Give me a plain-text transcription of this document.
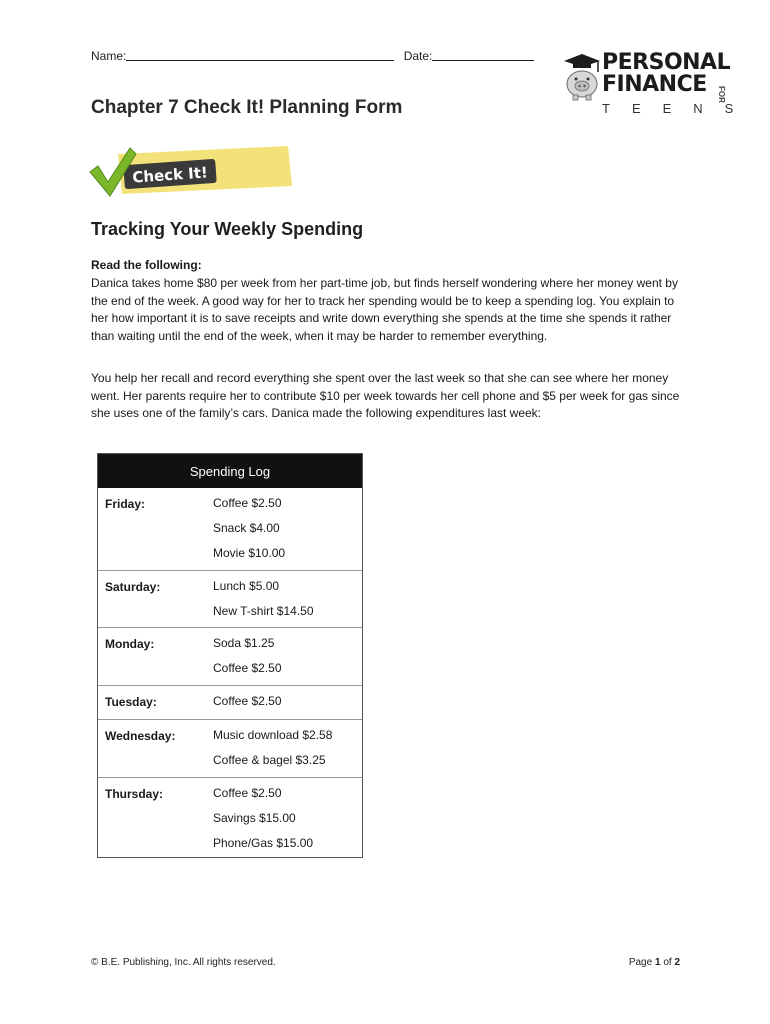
Name:	Date:	PERSONAL
FINANCE FOR
TEENS
Chapter 7 Check It! Planning Form
Check It!
Tracking Your Weekly Spending
Read the following:

Danica takes home $80 per week from her part-time job, but finds herself wondering where her money went by the end of the week. A good way for her to track her spending would be to keep a spending log. You explain to her how important it is to save receipts and write down everything she spends at the time she spends it rather than waiting until the end of the week, when it may be harder to remember everything.

You help her recall and record everything she spent over the last week so that she can see where her money went. Her parents require her to contribute $10 per week towards her cell phone and $5 per week for gas since she uses one of the family’s cars. Danica made the following expenditures last week:

Spending Log
Friday:	Coffee $2.50
Snack $4.00
Movie $10.00
Saturday:	Lunch $5.00
New T-shirt $14.50
Monday:	Soda $1.25
Coffee $2.50
Tuesday:	Coffee $2.50
Wednesday:	Music download $2.58
Coffee & bagel $3.25
Thursday:	Coffee $2.50
Savings $15.00
Phone/Gas $15.00
© B.E. Publishing, Inc. All rights reserved.	Page 1 of 2
